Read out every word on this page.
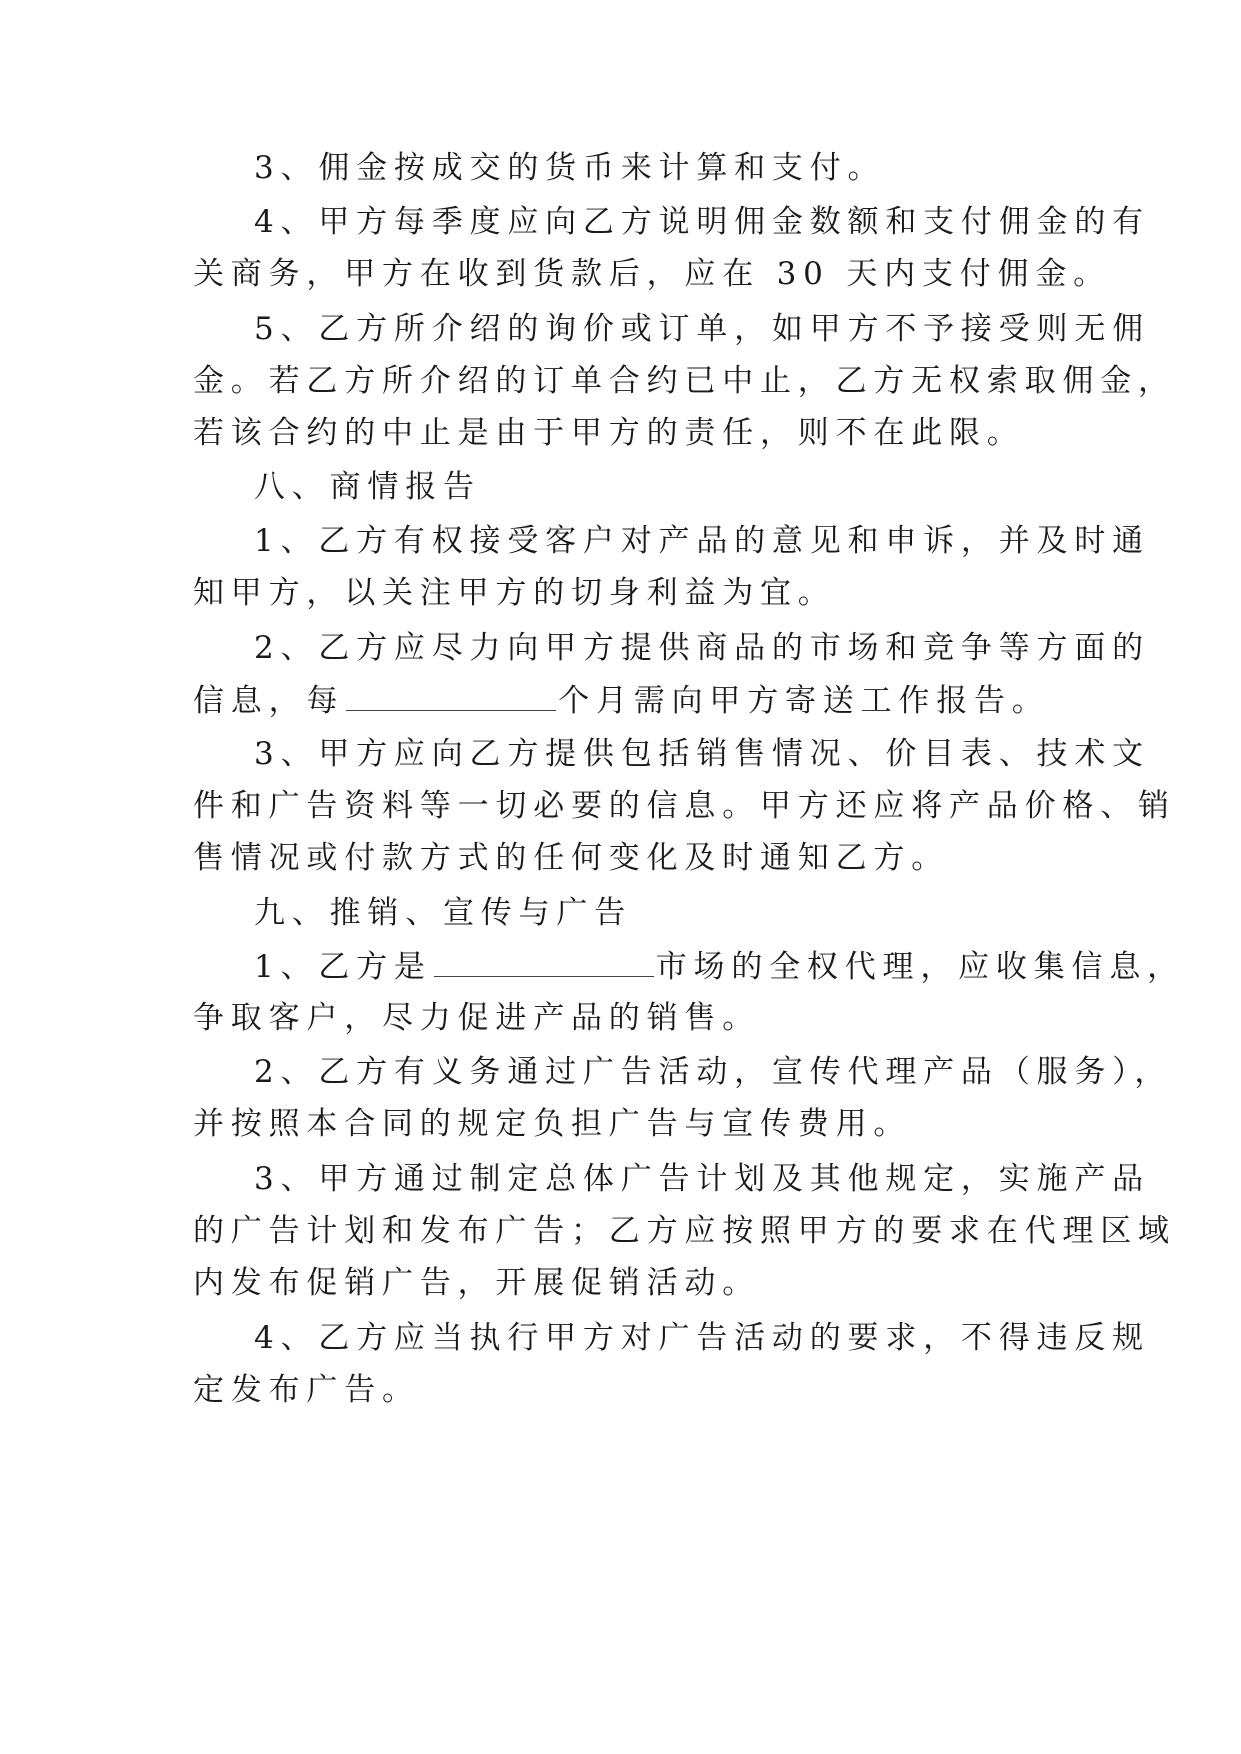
3、佣金按成交的货币来计算和支付。
4、甲方每季度应向乙方说明佣金数额和支付佣金的有
关商务，甲方在收到货款后，应在 30 天内支付佣金。
5、乙方所介绍的询价或订单，如甲方不予接受则无佣
金。若乙方所介绍的订单合约已中止，乙方无权索取佣金，
若该合约的中止是由于甲方的责任，则不在此限。
八、商情报告
1、乙方有权接受客户对产品的意见和申诉，并及时通
知甲方，以关注甲方的切身利益为宜。
2、乙方应尽力向甲方提供商品的市场和竞争等方面的
信息，每	个月需向甲方寄送工作报告。
3、甲方应向乙方提供包括销售情况、价目表、技术文
件和广告资料等一切必要的信息。甲方还应将产品价格、销
售情况或付款方式的任何变化及时通知乙方。
九、推销、宣传与广告
1、乙方是	市场的全权代理，应收集信息，
争取客户，尽力促进产品的销售。
2、乙方有义务通过广告活动，宣传代理产品（服务），
并按照本合同的规定负担广告与宣传费用。
3、甲方通过制定总体广告计划及其他规定，实施产品
的广告计划和发布广告；乙方应按照甲方的要求在代理区域
内发布促销广告，开展促销活动。
4、乙方应当执行甲方对广告活动的要求，不得违反规
定发布广告。
